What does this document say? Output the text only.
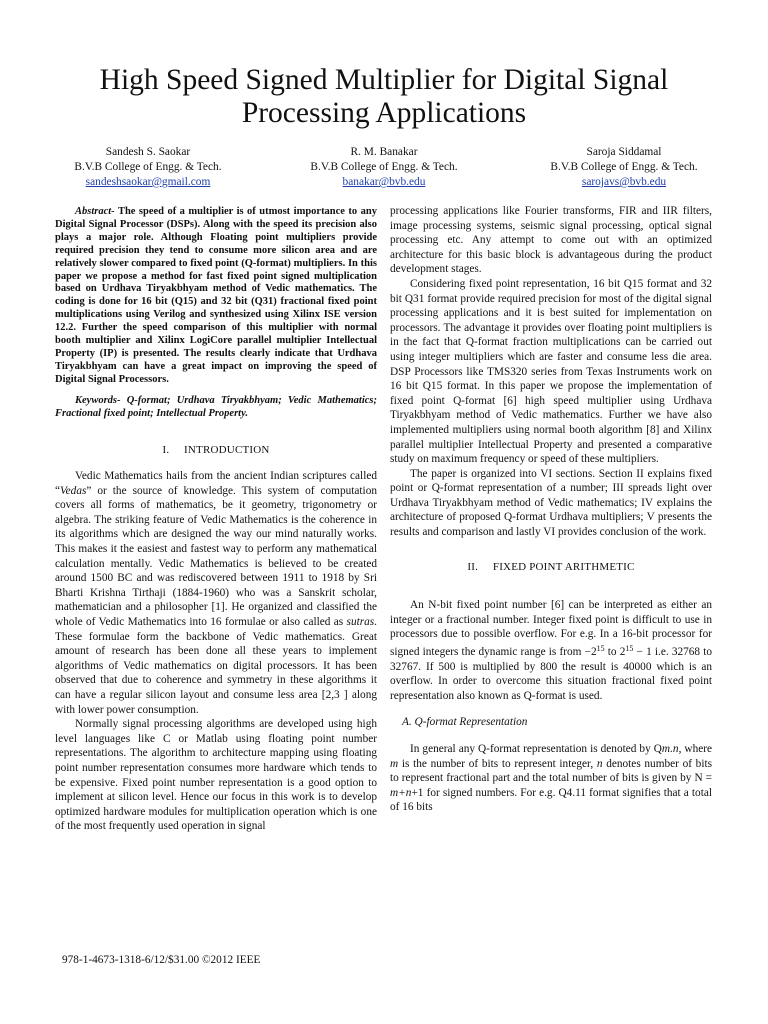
High Speed Signed Multiplier for Digital Signal Processing Applications
Sandesh S. Saokar
B.V.B College of Engg. & Tech.
sandeshsaokar@gmail.com
R. M. Banakar
B.V.B College of Engg. & Tech.
banakar@bvb.edu
Saroja Siddamal
B.V.B College of Engg. & Tech.
sarojavs@bvb.edu

Abstract- The speed of a multiplier is of utmost importance to any Digital Signal Processor (DSPs). Along with the speed its precision also plays a major role. Although Floating point multipliers provide required precision they tend to consume more silicon area and are relatively slower compared to fixed point (Q-format) multipliers. In this paper we propose a method for fast fixed point signed multiplication based on Urdhava Tiryakbhyam method of Vedic mathematics. The coding is done for 16 bit (Q15) and 32 bit (Q31) fractional fixed point multiplications using Verilog and synthesized using Xilinx ISE version 12.2. Further the speed comparison of this multiplier with normal booth multiplier and Xilinx LogiCore parallel multiplier Intellectual Property (IP) is presented. The results clearly indicate that Urdhava Tiryakbhyam can have a great impact on improving the speed of Digital Signal Processors.

Keywords- Q-format; Urdhava Tiryakbhyam; Vedic Mathematics; Fractional fixed point; Intellectual Property.

I. INTRODUCTION

Vedic Mathematics hails from the ancient Indian scriptures called “Vedas” or the source of knowledge. This system of computation covers all forms of mathematics, be it geometry, trigonometry or algebra. The striking feature of Vedic Mathematics is the coherence in its algorithms which are designed the way our mind naturally works. This makes it the easiest and fastest way to perform any mathematical calculation mentally. Vedic Mathematics is believed to be created around 1500 BC and was rediscovered between 1911 to 1918 by Sri Bharti Krishna Tirthaji (1884-1960) who was a Sanskrit scholar, mathematician and a philosopher [1]. He organized and classified the whole of Vedic Mathematics into 16 formulae or also called as sutras. These formulae form the backbone of Vedic mathematics. Great amount of research has been done all these years to implement algorithms of Vedic mathematics on digital processors. It has been observed that due to coherence and symmetry in these algorithms it can have a regular silicon layout and consume less area [2,3 ] along with lower power consumption.

Normally signal processing algorithms are developed using high level languages like C or Matlab using floating point number representations. The algorithm to architecture mapping using floating point number representation consumes more hardware which tends to be expensive. Fixed point number representation is a good option to implement at silicon level. Hence our focus in this work is to develop optimized hardware modules for multiplication operation which is one of the most frequently used operation in signal

processing applications like Fourier transforms, FIR and IIR filters, image processing systems, seismic signal processing, optical signal processing etc. Any attempt to come out with an optimized architecture for this basic block is advantageous during the product development stages.

Considering fixed point representation, 16 bit Q15 format and 32 bit Q31 format provide required precision for most of the digital signal processing applications and it is best suited for implementation on processors. The advantage it provides over floating point multipliers is in the fact that Q-format fraction multiplications can be carried out using integer multipliers which are faster and consume less die area. DSP Processors like TMS320 series from Texas Instruments work on 16 bit Q15 format. In this paper we propose the implementation of fixed point Q-format [6] high speed multiplier using Urdhava Tiryakbhyam method of Vedic mathematics. Further we have also implemented multipliers using normal booth algorithm [8] and Xilinx parallel multiplier Intellectual Property and presented a comparative study on maximum frequency or speed of these multipliers.

The paper is organized into VI sections. Section II explains fixed point or Q-format representation of a number; III spreads light over Urdhava Tiryakbhyam method of Vedic mathematics; IV explains the architecture of proposed Q-format Urdhava multipliers; V presents the results and comparison and lastly VI provides conclusion of the work.

II. FIXED POINT ARITHMETIC

An N-bit fixed point number [6] can be interpreted as either an integer or a fractional number. Integer fixed point is difficult to use in processors due to possible overflow. For e.g. In a 16-bit processor for signed integers the dynamic range is from $-2^{15}$ to $2^{15} - 1$ i.e. 32768 to 32767. If 500 is multiplied by 800 the result is 40000 which is an overflow. In order to overcome this situation fractional fixed point representation also known as Q-format is used.

A. Q-format Representation

In general any Q-format representation is denoted by Qm.n, where m is the number of bits to represent integer, n denotes number of bits to represent fractional part and the total number of bits is given by N = m+n+1 for signed numbers. For e.g. Q4.11 format signifies that a total of 16 bits

978-1-4673-1318-6/12/$31.00 ©2012 IEEE
